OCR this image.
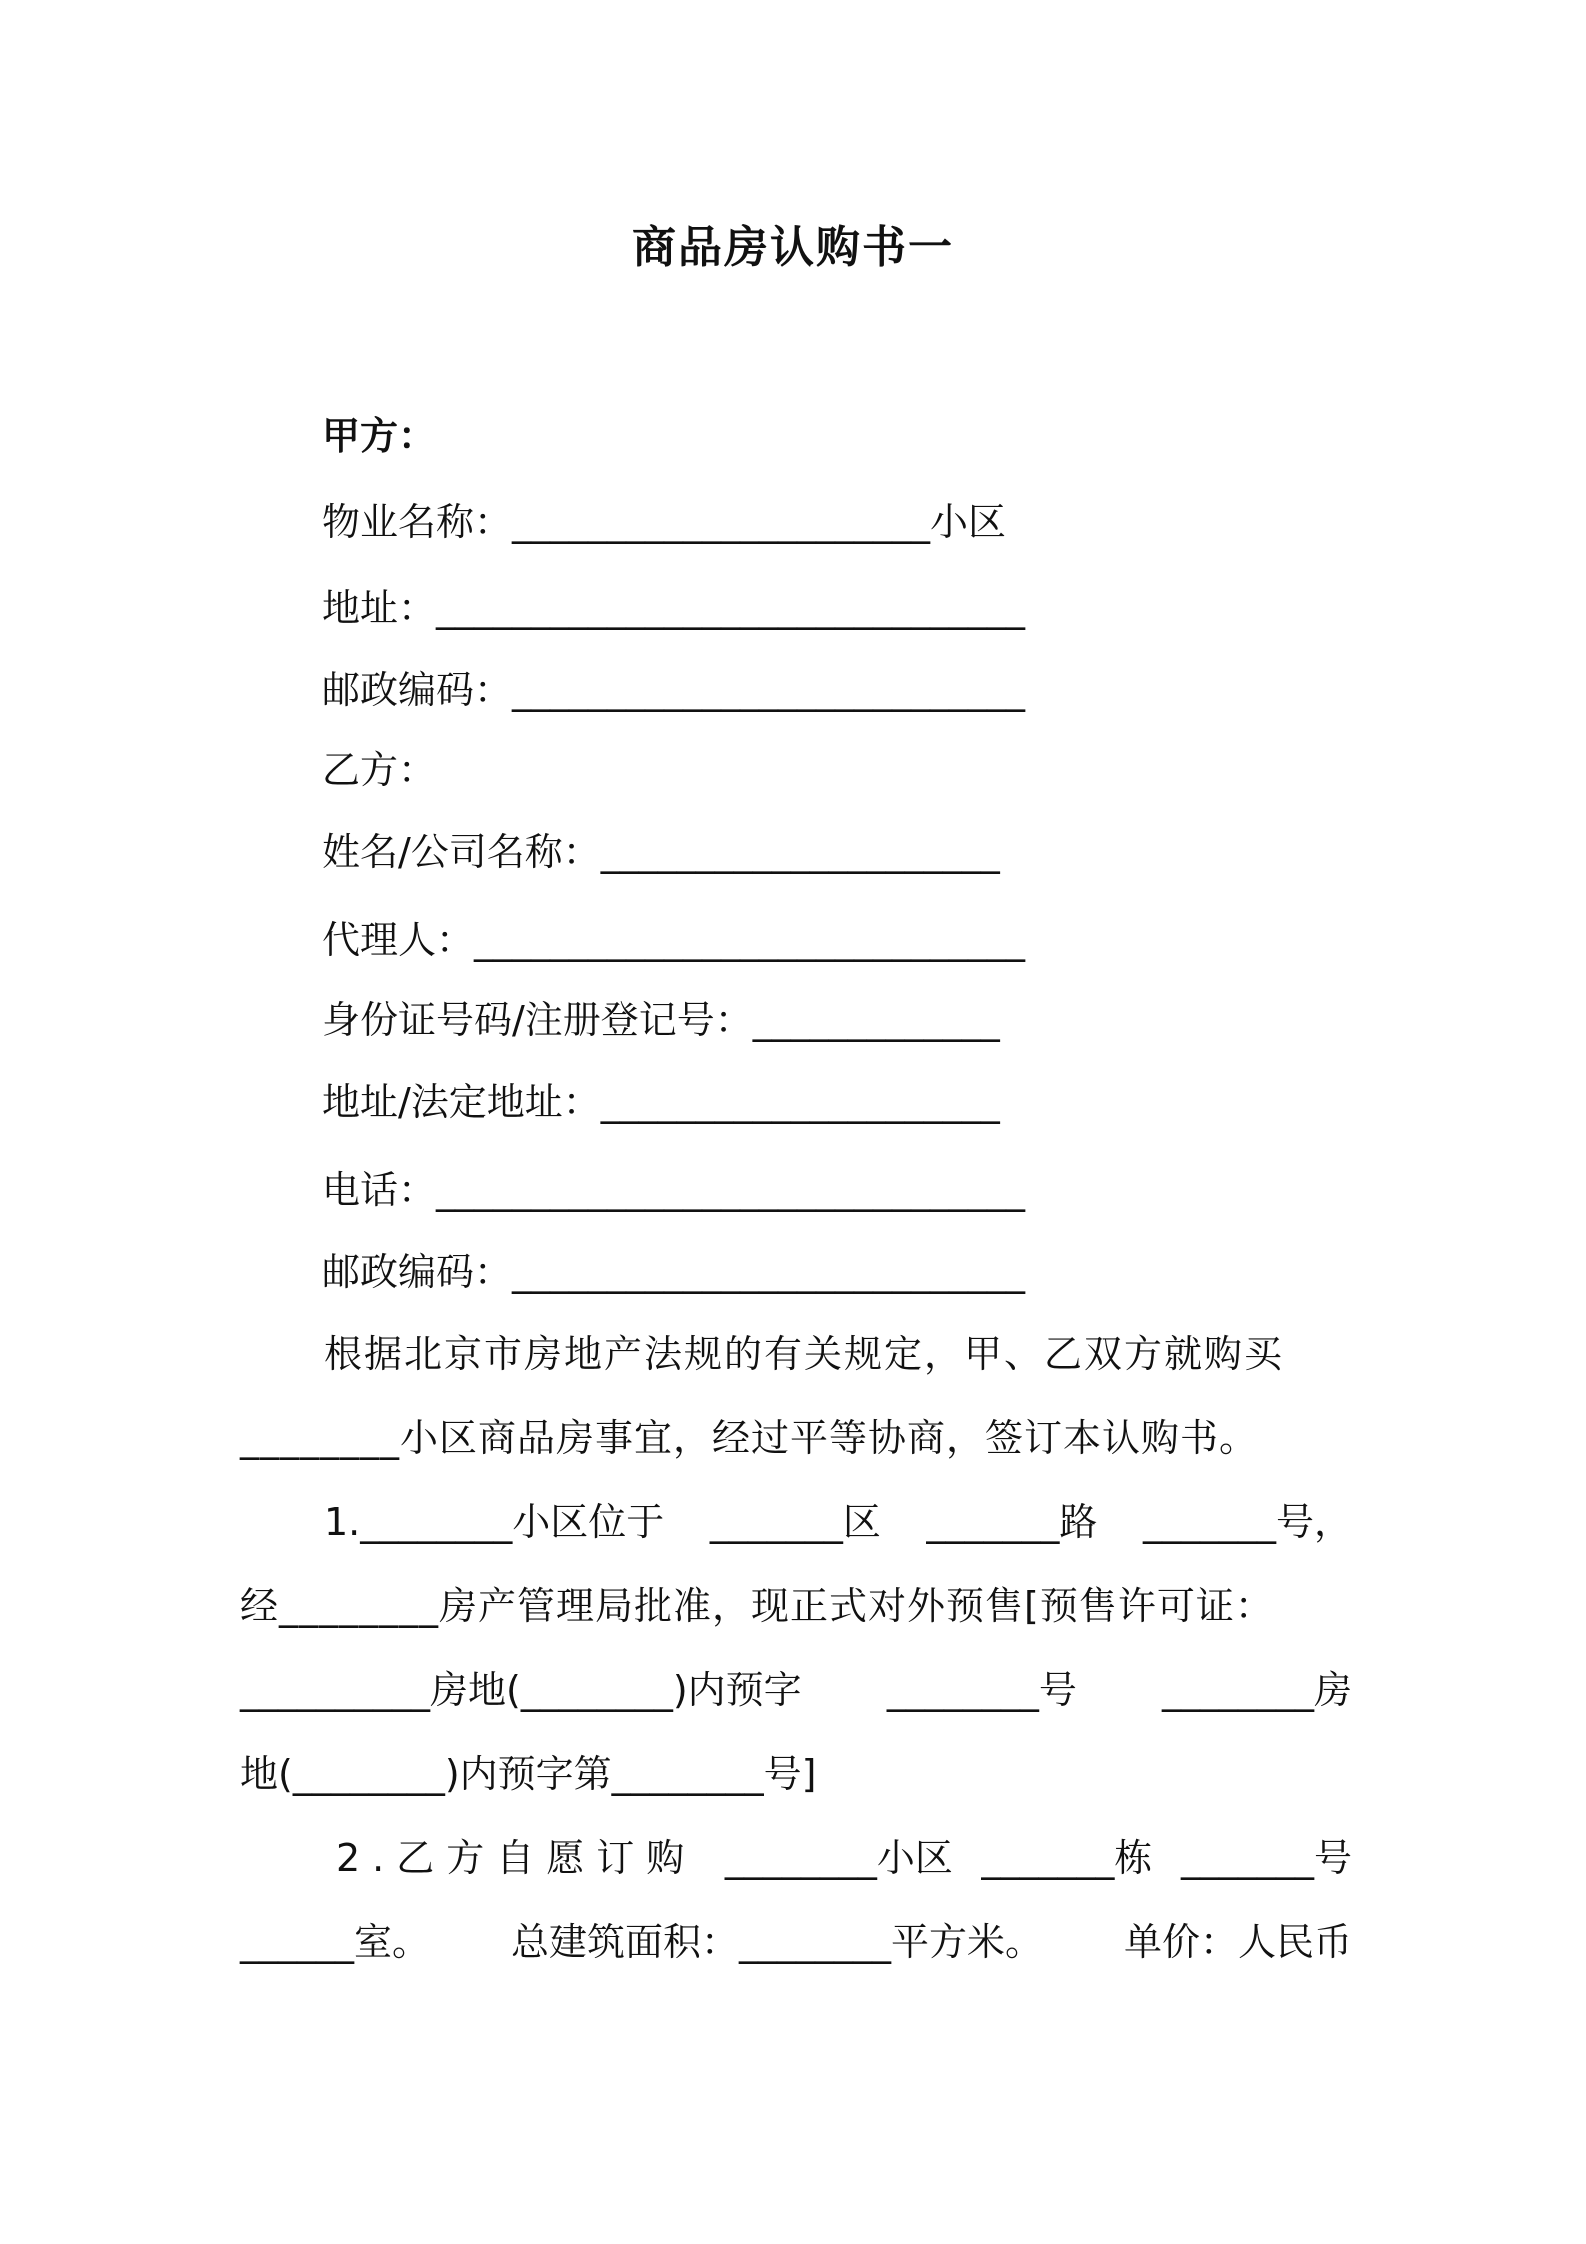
商品房认购书一
甲方：
物业名称：______________________小区
地址：_______________________________
邮政编码：___________________________
乙方：
姓名/公司名称：_____________________
代理人：_____________________________
身份证号码/注册登记号：_____________
地址/法定地址：_____________________
电话：_______________________________
邮政编码：___________________________
根据北京市房地产法规的有关规定，甲、乙双方就购买
________小区商品房事宜，经过平等协商，签订本认购书。
1.________小区位于 _______区 _______路 _______号，
经________房产管理局批准，现正式对外预售[预售许可证：
__________房地(________)内预字 ________号 ________房
地(________)内预字第________号]
2.乙方自愿订购 ________小区 _______栋 _______号
______室。 总建筑面积：________平方米。 单价：人民币
